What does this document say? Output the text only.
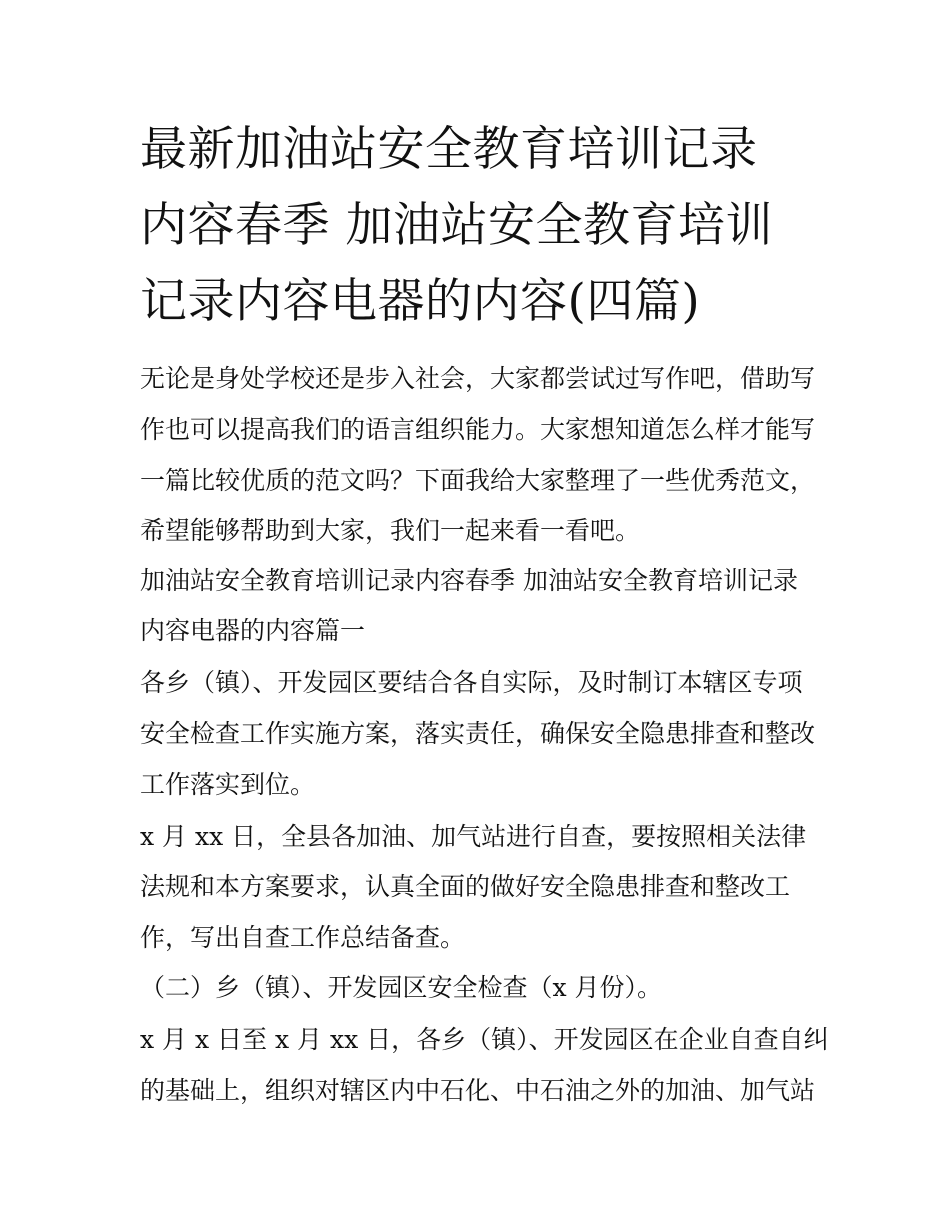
最新加油站安全教育培训记录
内容春季 加油站安全教育培训
记录内容电器的内容(四篇)
无论是身处学校还是步入社会，大家都尝试过写作吧，借助写
作也可以提高我们的语言组织能力。大家想知道怎么样才能写
一篇比较优质的范文吗？下面我给大家整理了一些优秀范文，
希望能够帮助到大家，我们一起来看一看吧。
加油站安全教育培训记录内容春季 加油站安全教育培训记录
内容电器的内容篇一
各乡（镇）、开发园区要结合各自实际，及时制订本辖区专项
安全检查工作实施方案，落实责任，确保安全隐患排查和整改
工作落实到位。
x 月 xx 日，全县各加油、加气站进行自查，要按照相关法律
法规和本方案要求，认真全面的做好安全隐患排查和整改工
作，写出自查工作总结备查。
（二）乡（镇）、开发园区安全检查（x 月份）。
x 月 x 日至 x 月 xx 日，各乡（镇）、开发园区在企业自查自纠
的基础上，组织对辖区内中石化、中石油之外的加油、加气站
